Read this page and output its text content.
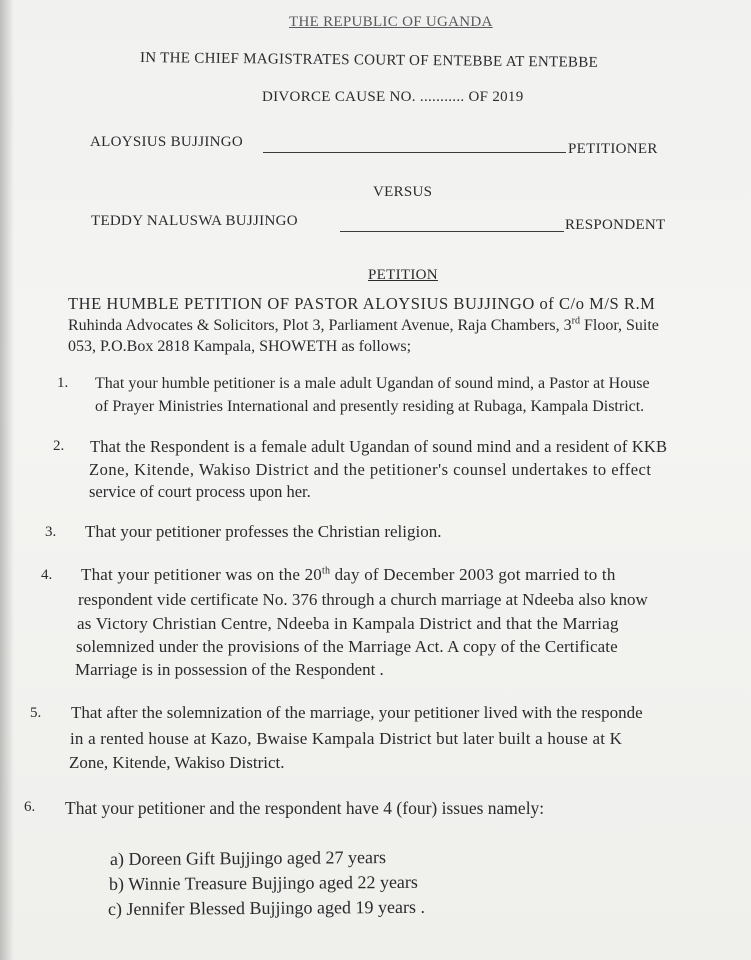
THE REPUBLIC OF UGANDA
IN THE CHIEF MAGISTRATES COURT OF ENTEBBE AT ENTEBBE
DIVORCE CAUSE NO. ........... OF 2019
ALOYSIUS BUJJINGO	PETITIONER
VERSUS
TEDDY NALUSWA BUJJINGO	RESPONDENT
PETITION
THE HUMBLE PETITION OF PASTOR ALOYSIUS BUJJINGO of C/o M/S R.M
Ruhinda Advocates & Solicitors, Plot 3, Parliament Avenue, Raja Chambers, 3rd Floor, Suite
053, P.O.Box 2818 Kampala, SHOWETH as follows;
1. That your humble petitioner is a male adult Ugandan of sound mind, a Pastor at House
of Prayer Ministries International and presently residing at Rubaga, Kampala District.
2. That the Respondent is a female adult Ugandan of sound mind and a resident of KKB
Zone, Kitende, Wakiso District and the petitioner's counsel undertakes to effect
service of court process upon her.
3. That your petitioner professes the Christian religion.
4. That your petitioner was on the 20th day of December 2003 got married to th
respondent vide certificate No. 376 through a church marriage at Ndeeba also know
as Victory Christian Centre, Ndeeba in Kampala District and that the Marriag
solemnized under the provisions of the Marriage Act. A copy of the Certificate
Marriage is in possession of the Respondent .
5. That after the solemnization of the marriage, your petitioner lived with the responde
in a rented house at Kazo, Bwaise Kampala District but later built a house at K
Zone, Kitende, Wakiso District.
6. That your petitioner and the respondent have 4 (four) issues namely:
a) Doreen Gift Bujjingo aged 27 years
b) Winnie Treasure Bujjingo aged 22 years
c) Jennifer Blessed Bujjingo aged 19 years .
